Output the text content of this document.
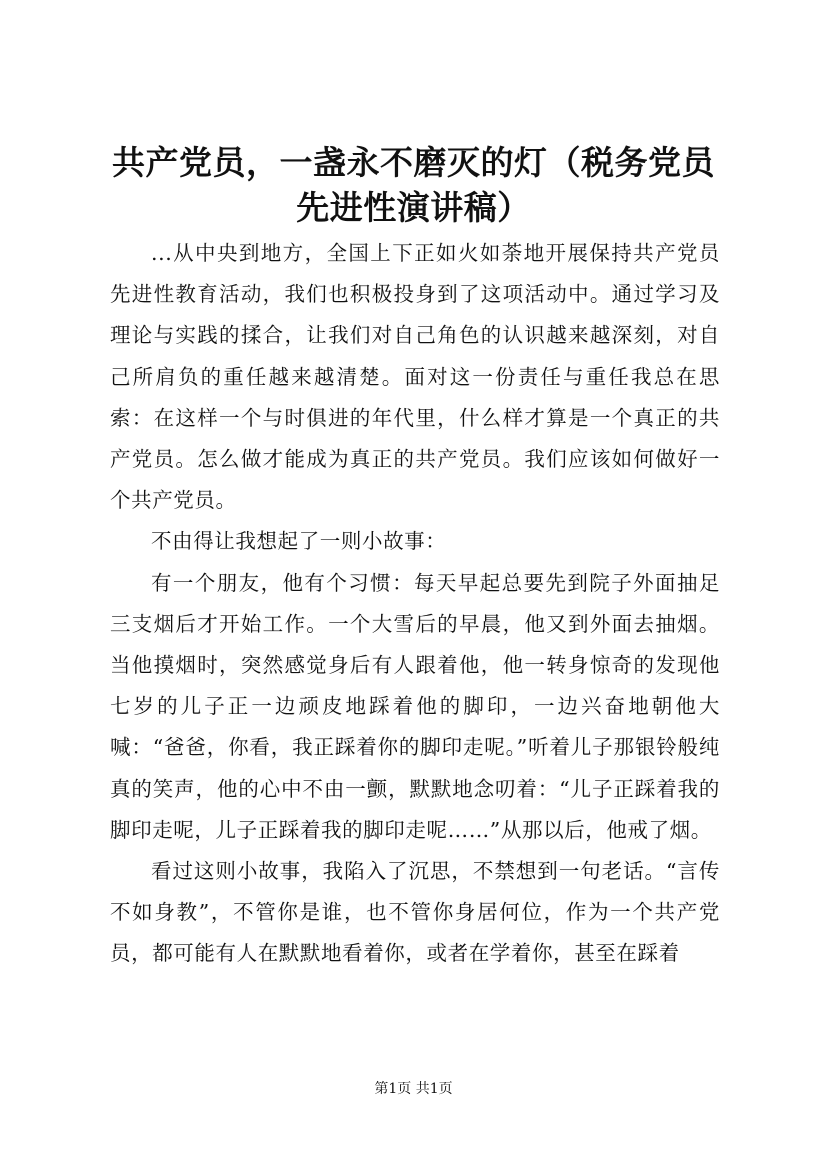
共产党员，一盏永不磨灭的灯（税务党员先进性演讲稿）

...从中央到地方，全国上下正如火如荼地开展保持共产党员先进性教育活动，我们也积极投身到了这项活动中。通过学习及理论与实践的揉合，让我们对自己角色的认识越来越深刻，对自己所肩负的重任越来越清楚。面对这一份责任与重任我总在思索：在这样一个与时俱进的年代里，什么样才算是一个真正的共产党员。怎么做才能成为真正的共产党员。我们应该如何做好一个共产党员。

不由得让我想起了一则小故事：

有一个朋友，他有个习惯：每天早起总要先到院子外面抽足三支烟后才开始工作。一个大雪后的早晨，他又到外面去抽烟。当他摸烟时，突然感觉身后有人跟着他，他一转身惊奇的发现他七岁的儿子正一边顽皮地踩着他的脚印，一边兴奋地朝他大喊：“爸爸，你看，我正踩着你的脚印走呢。”听着儿子那银铃般纯真的笑声，他的心中不由一颤，默默地念叨着：“儿子正踩着我的脚印走呢，儿子正踩着我的脚印走呢……”从那以后，他戒了烟。

看过这则小故事，我陷入了沉思，不禁想到一句老话。“言传不如身教”，不管你是谁，也不管你身居何位，作为一个共产党员，都可能有人在默默地看着你，或者在学着你，甚至在踩着

第1页 共1页
